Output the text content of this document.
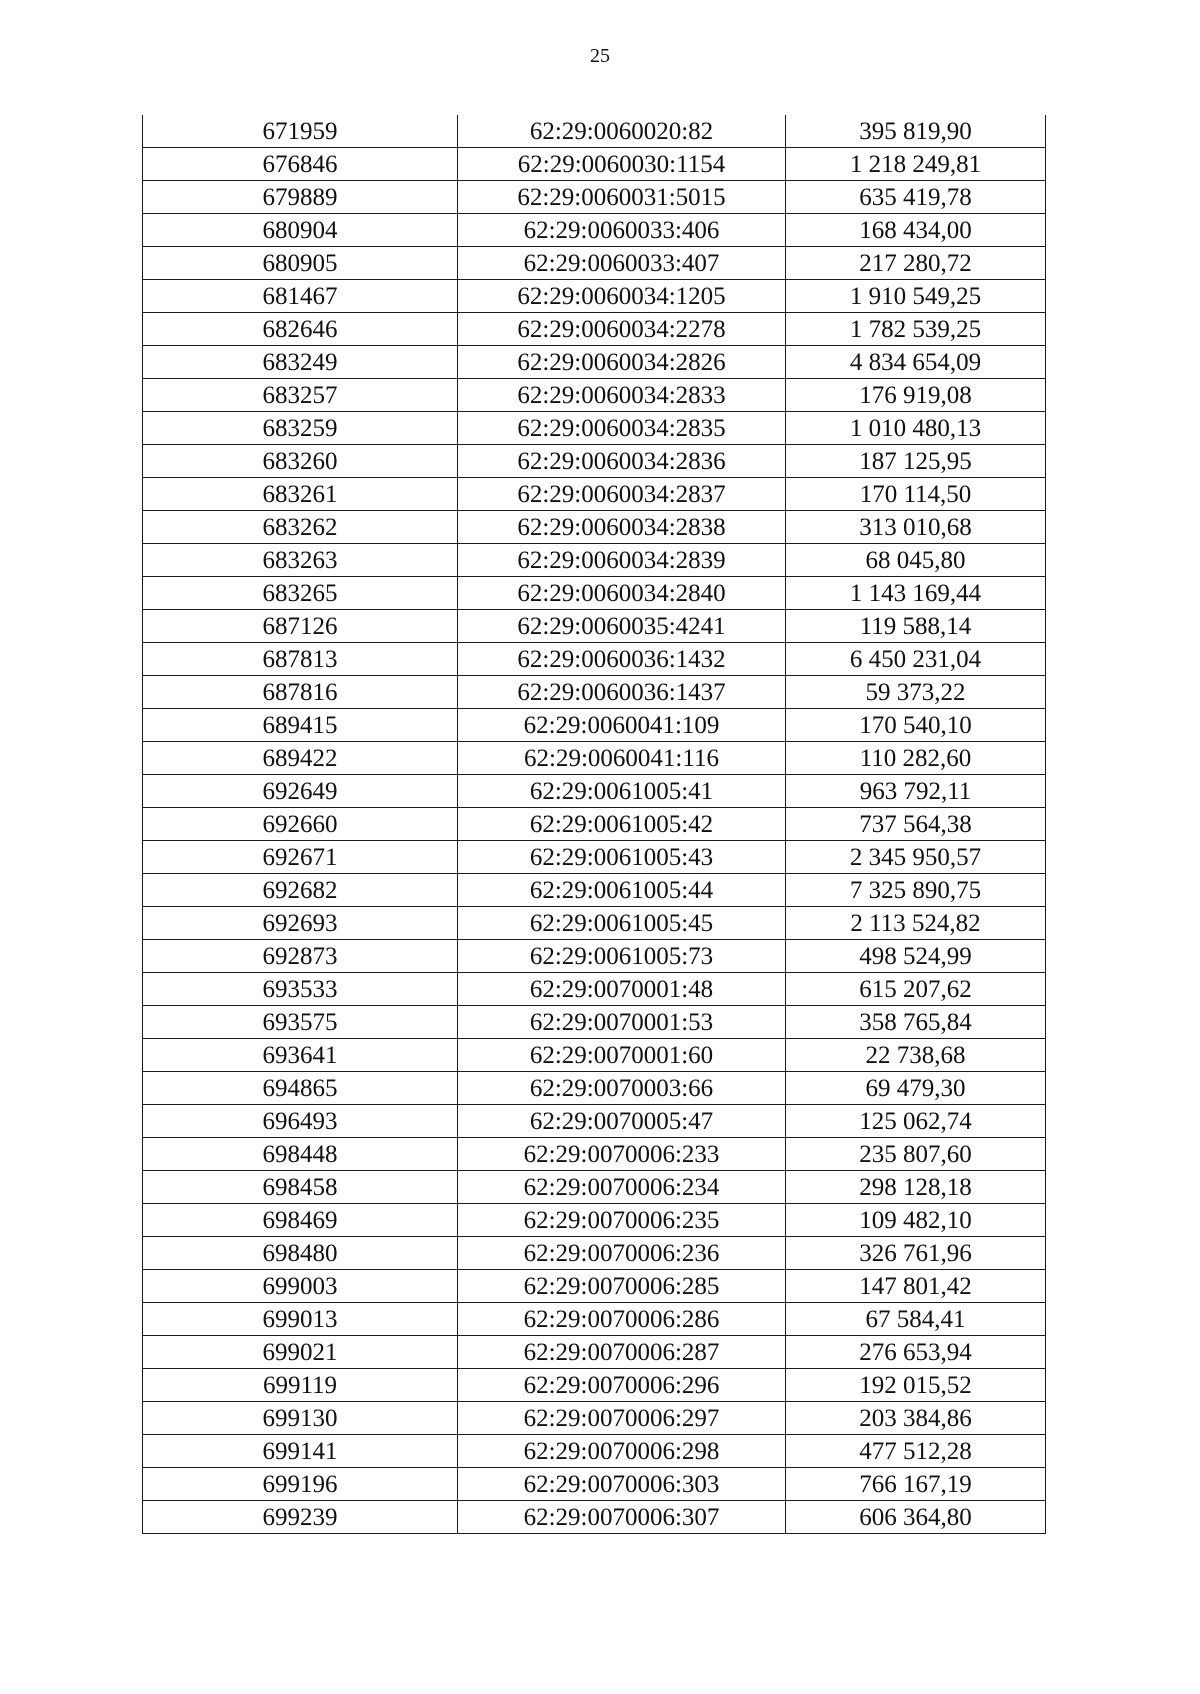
25
671959	62:29:0060020:82	395 819,90
676846	62:29:0060030:1154	1 218 249,81
679889	62:29:0060031:5015	635 419,78
680904	62:29:0060033:406	168 434,00
680905	62:29:0060033:407	217 280,72
681467	62:29:0060034:1205	1 910 549,25
682646	62:29:0060034:2278	1 782 539,25
683249	62:29:0060034:2826	4 834 654,09
683257	62:29:0060034:2833	176 919,08
683259	62:29:0060034:2835	1 010 480,13
683260	62:29:0060034:2836	187 125,95
683261	62:29:0060034:2837	170 114,50
683262	62:29:0060034:2838	313 010,68
683263	62:29:0060034:2839	68 045,80
683265	62:29:0060034:2840	1 143 169,44
687126	62:29:0060035:4241	119 588,14
687813	62:29:0060036:1432	6 450 231,04
687816	62:29:0060036:1437	59 373,22
689415	62:29:0060041:109	170 540,10
689422	62:29:0060041:116	110 282,60
692649	62:29:0061005:41	963 792,11
692660	62:29:0061005:42	737 564,38
692671	62:29:0061005:43	2 345 950,57
692682	62:29:0061005:44	7 325 890,75
692693	62:29:0061005:45	2 113 524,82
692873	62:29:0061005:73	498 524,99
693533	62:29:0070001:48	615 207,62
693575	62:29:0070001:53	358 765,84
693641	62:29:0070001:60	22 738,68
694865	62:29:0070003:66	69 479,30
696493	62:29:0070005:47	125 062,74
698448	62:29:0070006:233	235 807,60
698458	62:29:0070006:234	298 128,18
698469	62:29:0070006:235	109 482,10
698480	62:29:0070006:236	326 761,96
699003	62:29:0070006:285	147 801,42
699013	62:29:0070006:286	67 584,41
699021	62:29:0070006:287	276 653,94
699119	62:29:0070006:296	192 015,52
699130	62:29:0070006:297	203 384,86
699141	62:29:0070006:298	477 512,28
699196	62:29:0070006:303	766 167,19
699239	62:29:0070006:307	606 364,80
